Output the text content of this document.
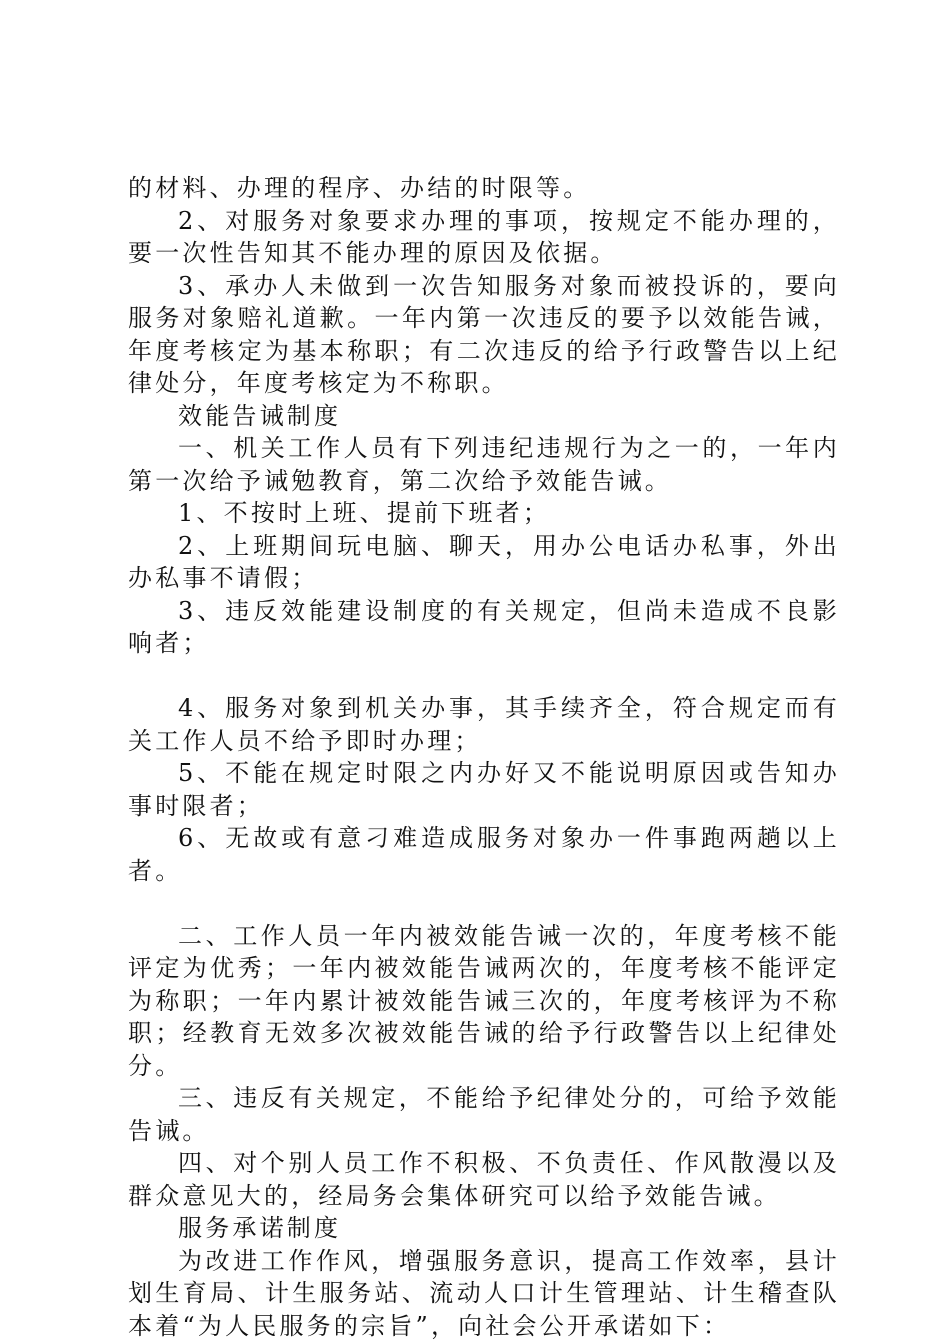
的材料、办理的程序、办结的时限等。

2、对服务对象要求办理的事项，按规定不能办理的，要一次性告知其不能办理的原因及依据。

3、承办人未做到一次告知服务对象而被投诉的，要向服务对象赔礼道歉。一年内第一次违反的要予以效能告诫，年度考核定为基本称职；有二次违反的给予行政警告以上纪律处分，年度考核定为不称职。

效能告诫制度

一、机关工作人员有下列违纪违规行为之一的，一年内第一次给予诫勉教育，第二次给予效能告诫。

1、不按时上班、提前下班者；

2、上班期间玩电脑、聊天，用办公电话办私事，外出办私事不请假；

3、违反效能建设制度的有关规定，但尚未造成不良影响者；

4、服务对象到机关办事，其手续齐全，符合规定而有关工作人员不给予即时办理；

5、不能在规定时限之内办好又不能说明原因或告知办事时限者；

6、无故或有意刁难造成服务对象办一件事跑两趟以上者。

二、工作人员一年内被效能告诫一次的，年度考核不能评定为优秀；一年内被效能告诫两次的，年度考核不能评定为称职；一年内累计被效能告诫三次的，年度考核评为不称职；经教育无效多次被效能告诫的给予行政警告以上纪律处分。

三、违反有关规定，不能给予纪律处分的，可给予效能告诫。

四、对个别人员工作不积极、不负责任、作风散漫以及群众意见大的，经局务会集体研究可以给予效能告诫。

服务承诺制度

为改进工作作风，增强服务意识，提高工作效率，县计划生育局、计生服务站、流动人口计生管理站、计生稽查队本着“为人民服务的宗旨”，向社会公开承诺如下：
